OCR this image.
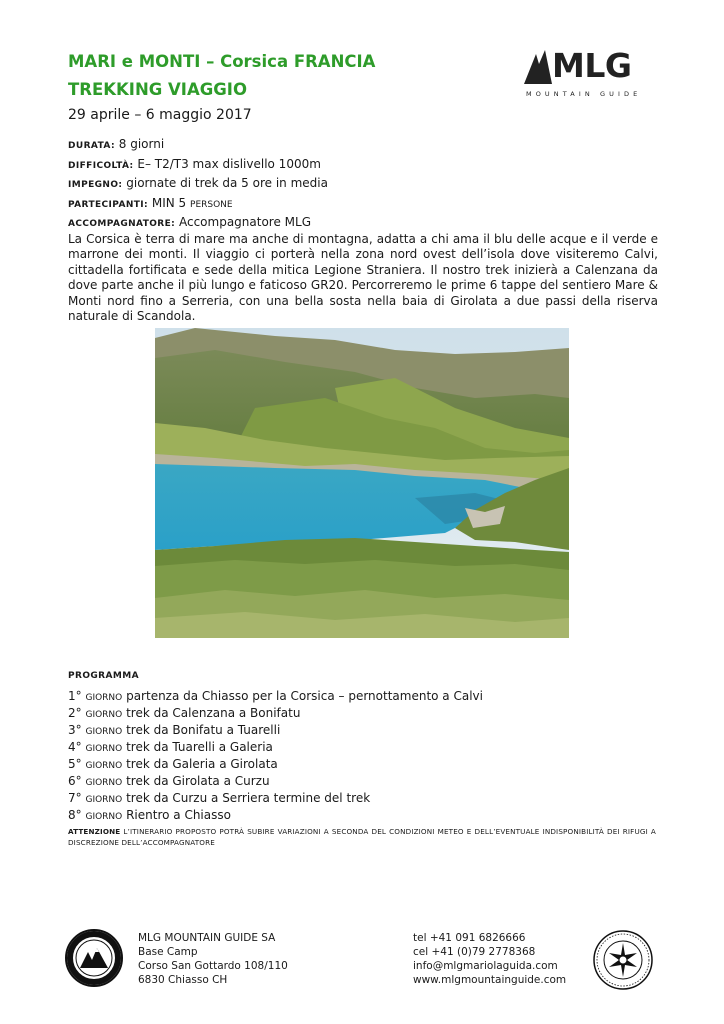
MARI e MONTI – Corsica FRANCIA
TREKKING VIAGGIO
29 aprile – 6 maggio 2017
MLG
MOUNTAIN GUIDE
DURATA: 8 giorni
DIFFICOLTÀ: E– T2/T3 max dislivello 1000m
IMPEGNO: giornate di trek da 5 ore in media
PARTECIPANTI: MIN 5 PERSONE
ACCOMPAGNATORE: Accompagnatore MLG

La Corsica è terra di mare ma anche di montagna, adatta a chi ama il blu delle acque e il verde e marrone dei monti. Il viaggio ci porterà nella zona nord ovest dell’isola dove visiteremo Calvi, cittadella fortificata e sede della mitica Legione Straniera. Il nostro trek inizierà a Calenzana da dove parte anche il più lungo e faticoso GR20. Percorreremo le prime 6 tappe del sentiero Mare & Monti nord fino a Serreria, con una bella sosta nella baia di Girolata a due passi della riserva naturale di Scandola.

PROGRAMMA
1° GIORNO partenza da Chiasso per la Corsica – pernottamento a Calvi
2° GIORNO trek da Calenzana a Bonifatu
3° GIORNO trek da Bonifatu a Tuarelli
4° GIORNO trek da Tuarelli a Galeria
5° GIORNO trek da Galeria a Girolata
6° GIORNO trek da Girolata a Curzu
7° GIORNO trek da Curzu a Serriera termine del trek
8° GIORNO Rientro a Chiasso

ATTENZIONE L’ITINERARIO PROPOSTO POTRÀ SUBIRE VARIAZIONI A SECONDA DEL CONDIZIONI METEO E DELL’EVENTUALE INDISPONIBILITÀ DEI RIFUGI A DISCREZIONE DELL’ACCOMPAGNATORE

MLG MOUNTAIN GUIDE SA
Base Camp
Corso San Gottardo 108/110
6830 Chiasso CH
tel +41 091 6826666
cel +41 (0)79 2778368
info@mlgmariolaguida.com
www.mlgmountainguide.com
